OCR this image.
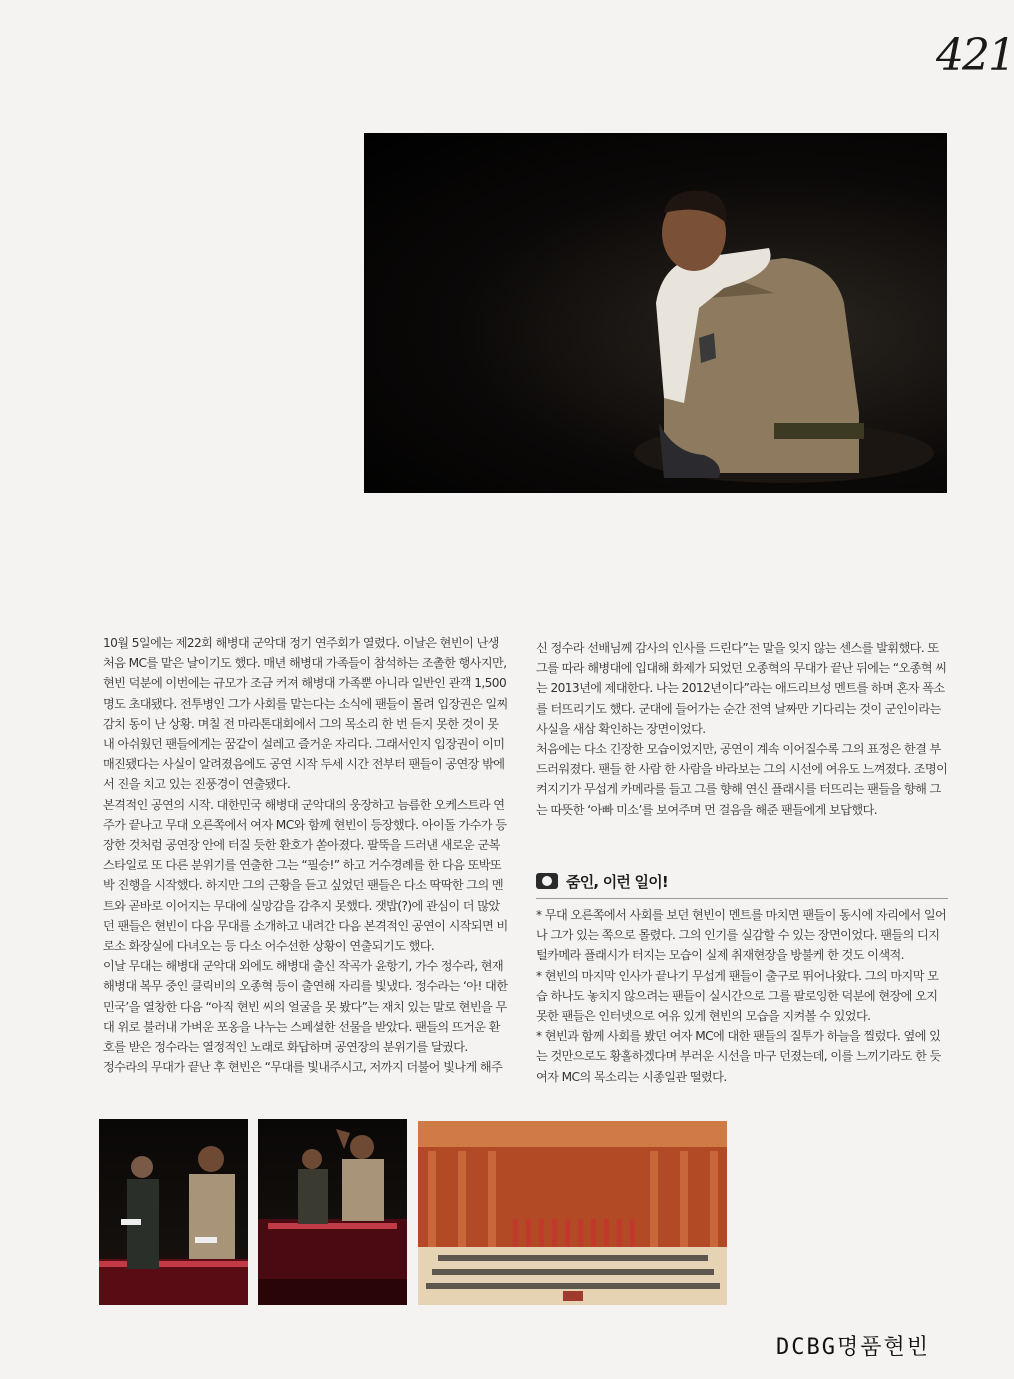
421

10월 5일에는 제22회 해병대 군악대 정기 연주회가 열렸다. 이날은 현빈이 난생처음 MC를 맡은 날이기도 했다. 매년 해병대 가족들이 참석하는 조촐한 행사지만, 현빈 덕분에 이번에는 규모가 조금 커져 해병대 가족뿐 아니라 일반인 관객 1,500명도 초대됐다. 전투병인 그가 사회를 맡는다는 소식에 팬들이 몰려 입장권은 일찌감치 동이 난 상황. 며칠 전 마라톤대회에서 그의 목소리 한 번 듣지 못한 것이 못내 아쉬웠던 팬들에게는 꿈같이 설레고 즐거운 자리다. 그래서인지 입장권이 이미 매진됐다는 사실이 알려졌음에도 공연 시작 두세 시간 전부터 팬들이 공연장 밖에서 진을 치고 있는 진풍경이 연출됐다.

본격적인 공연의 시작. 대한민국 해병대 군악대의 웅장하고 늠름한 오케스트라 연주가 끝나고 무대 오른쪽에서 여자 MC와 함께 현빈이 등장했다. 아이돌 가수가 등장한 것처럼 공연장 안에 터질 듯한 환호가 쏟아졌다. 팔뚝을 드러낸 새로운 군복 스타일로 또 다른 분위기를 연출한 그는 “필승!” 하고 거수경례를 한 다음 또박또박 진행을 시작했다. 하지만 그의 근황을 듣고 싶었던 팬들은 다소 딱딱한 그의 멘트와 곧바로 이어지는 무대에 실망감을 감추지 못했다. 잿밥(?)에 관심이 더 많았던 팬들은 현빈이 다음 무대를 소개하고 내려간 다음 본격적인 공연이 시작되면 비로소 화장실에 다녀오는 등 다소 어수선한 상황이 연출되기도 했다.

이날 무대는 해병대 군악대 외에도 해병대 출신 작곡가 윤항기, 가수 정수라, 현재 해병대 복무 중인 클릭비의 오종혁 등이 출연해 자리를 빛냈다. 정수라는 ‘아! 대한민국’을 열창한 다음 “아직 현빈 씨의 얼굴을 못 봤다”는 재치 있는 말로 현빈을 무대 위로 불러내 가벼운 포옹을 나누는 스페셜한 선물을 받았다. 팬들의 뜨거운 환호를 받은 정수라는 열정적인 노래로 화답하며 공연장의 분위기를 달궜다.

정수라의 무대가 끝난 후 현빈은 “무대를 빛내주시고, 저까지 더불어 빛나게 해주

신 정수라 선배님께 감사의 인사를 드린다”는 말을 잊지 않는 센스를 발휘했다. 또 그를 따라 해병대에 입대해 화제가 되었던 오종혁의 무대가 끝난 뒤에는 “오종혁 씨는 2013년에 제대한다. 나는 2012년이다”라는 애드리브성 멘트를 하며 혼자 폭소를 터뜨리기도 했다. 군대에 들어가는 순간 전역 날짜만 기다리는 것이 군인이라는 사실을 새삼 확인하는 장면이었다.

처음에는 다소 긴장한 모습이었지만, 공연이 계속 이어질수록 그의 표정은 한결 부드러워졌다. 팬들 한 사람 한 사람을 바라보는 그의 시선에 여유도 느껴졌다. 조명이 켜지기가 무섭게 카메라를 들고 그를 향해 연신 플래시를 터뜨리는 팬들을 향해 그는 따뜻한 ‘아빠 미소’를 보여주며 먼 걸음을 해준 팬들에게 보답했다.

줌인, 이런 일이!

* 무대 오른쪽에서 사회를 보던 현빈이 멘트를 마치면 팬들이 동시에 자리에서 일어나 그가 있는 쪽으로 몰렸다. 그의 인기를 실감할 수 있는 장면이었다. 팬들의 디지털카메라 플래시가 터지는 모습이 실제 취재현장을 방불케 한 것도 이색적.

* 현빈의 마지막 인사가 끝나기 무섭게 팬들이 출구로 뛰어나왔다. 그의 마지막 모습 하나도 놓치지 않으려는 팬들이 실시간으로 그를 팔로잉한 덕분에 현장에 오지 못한 팬들은 인터넷으로 여유 있게 현빈의 모습을 지켜볼 수 있었다.

* 현빈과 함께 사회를 봤던 여자 MC에 대한 팬들의 질투가 하늘을 찔렀다. 옆에 있는 것만으로도 황홀하겠다며 부러운 시선을 마구 던졌는데, 이를 느끼기라도 한 듯 여자 MC의 목소리는 시종일관 떨렸다.

DCBG명품현빈
